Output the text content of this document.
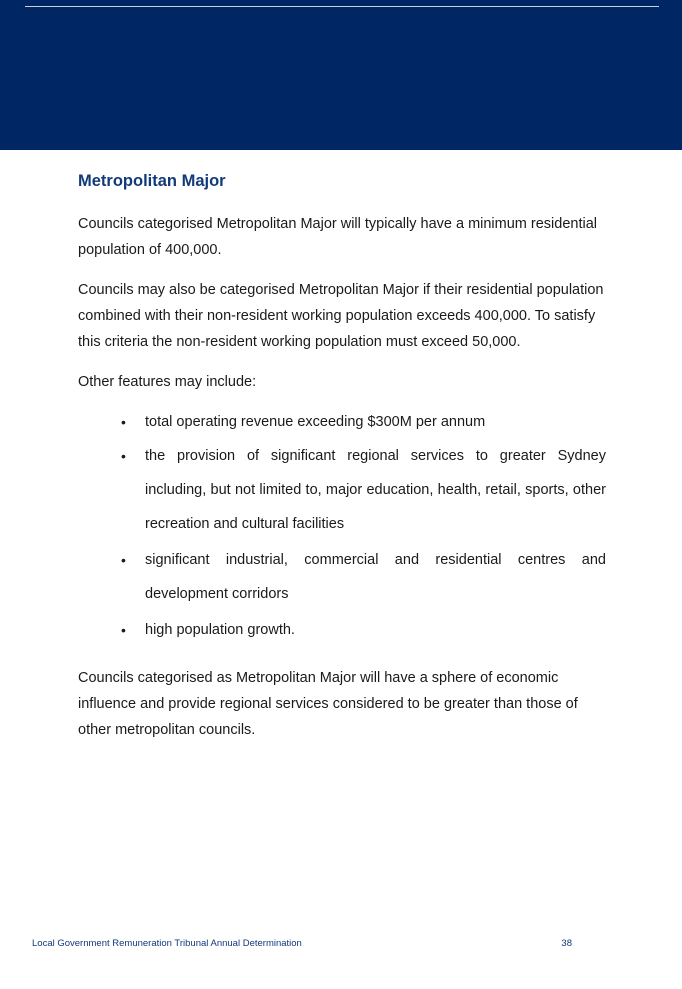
Metropolitan Major

Councils categorised Metropolitan Major will typically have a minimum residential population of 400,000.

Councils may also be categorised Metropolitan Major if their residential population combined with their non-resident working population exceeds 400,000. To satisfy this criteria the non-resident working population must exceed 50,000.

Other features may include:

• total operating revenue exceeding $300M per annum
• the provision of significant regional services to greater Sydney including, but not limited to, major education, health, retail, sports, other recreation and cultural facilities
• significant industrial, commercial and residential centres and development corridors
• high population growth.

Councils categorised as Metropolitan Major will have a sphere of economic influence and provide regional services considered to be greater than those of other metropolitan councils.

Local Government Remuneration Tribunal Annual Determination	38
